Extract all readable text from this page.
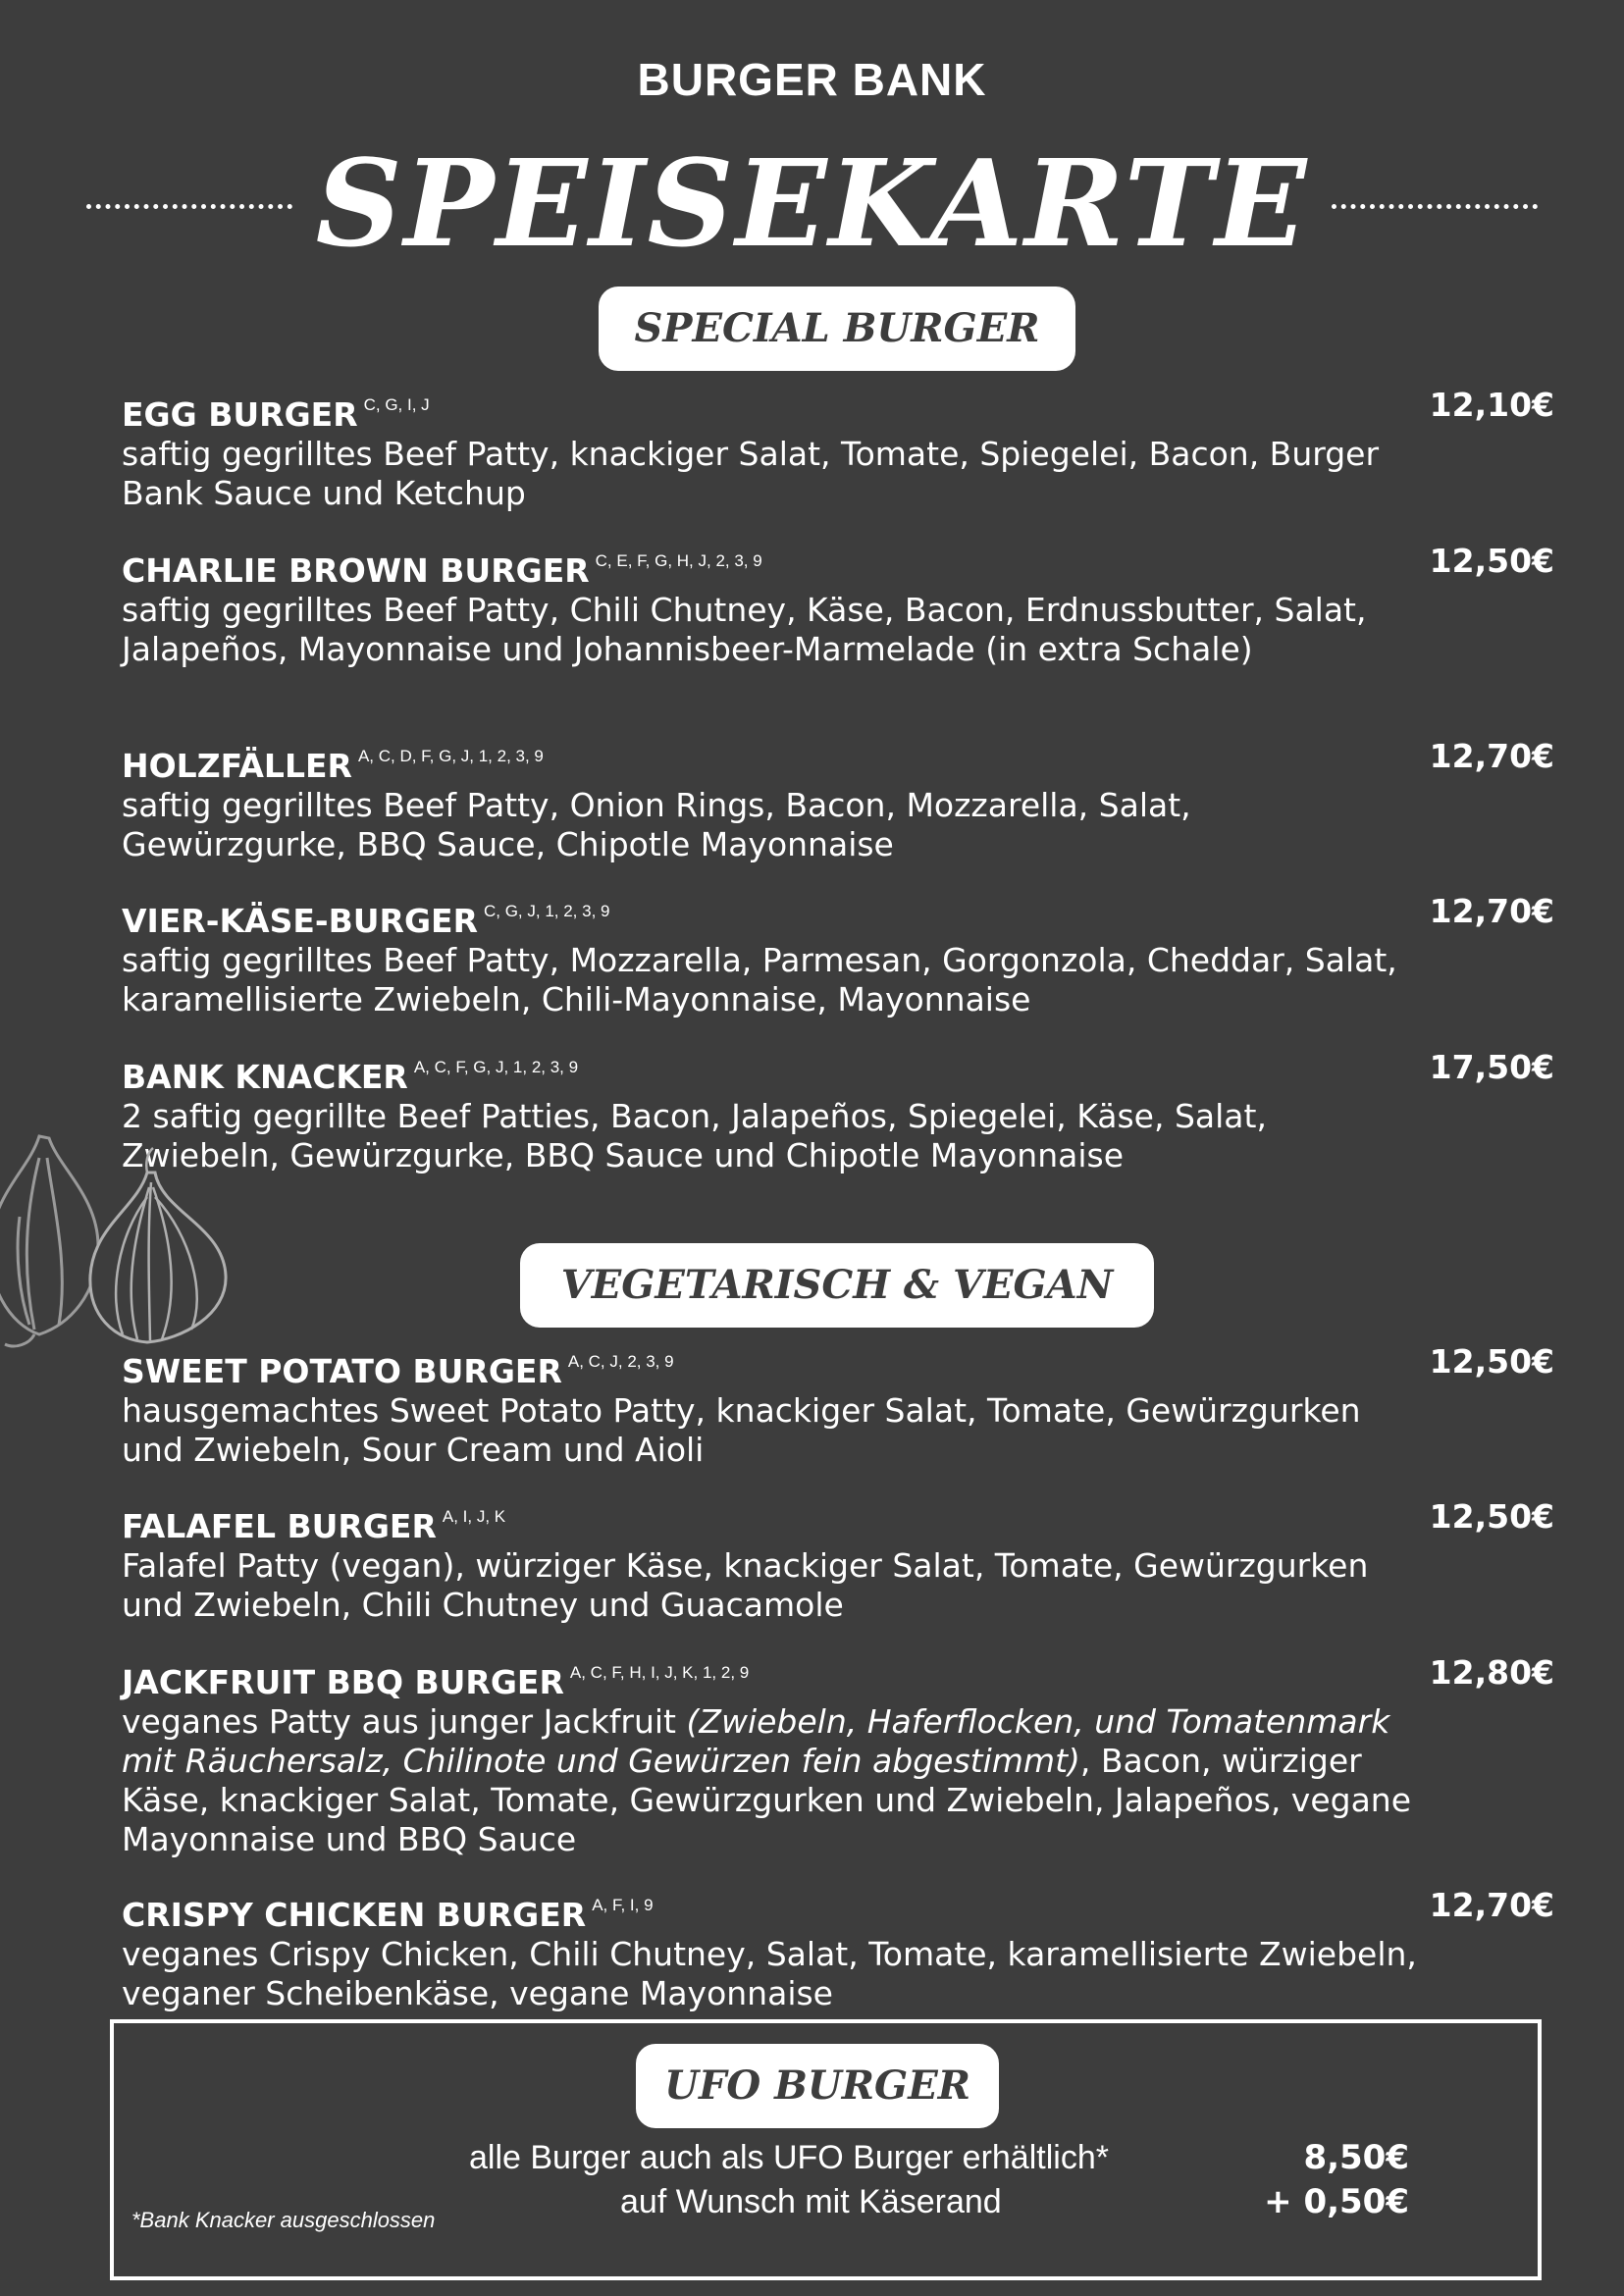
BURGER BANK
SPEISEKARTE
SPECIAL BURGER
EGG BURGER $^{C, G, I, J}$	12,10€
saftig gegrilltes Beef Patty, knackiger Salat, Tomate, Spiegelei, Bacon, Burger Bank Sauce und Ketchup
CHARLIE BROWN BURGER $^{C, E, F, G, H, J, 2, 3, 9}$	12,50€
saftig gegrilltes Beef Patty, Chili Chutney, Käse, Bacon, Erdnussbutter, Salat, Jalapeños, Mayonnaise und Johannisbeer-Marmelade (in extra Schale)
HOLZFÄLLER $^{A, C, D, F, G, J, 1, 2, 3, 9}$	12,70€
saftig gegrilltes Beef Patty, Onion Rings, Bacon, Mozzarella, Salat, Gewürzgurke, BBQ Sauce, Chipotle Mayonnaise
VIER-KÄSE-BURGER $^{C, G, J, 1, 2, 3, 9}$	12,70€
saftig gegrilltes Beef Patty, Mozzarella, Parmesan, Gorgonzola, Cheddar, Salat, karamellisierte Zwiebeln, Chili-Mayonnaise, Mayonnaise
BANK KNACKER $^{A, C, F, G, J, 1, 2, 3, 9}$	17,50€
2 saftig gegrillte Beef Patties, Bacon, Jalapeños, Spiegelei, Käse, Salat, Zwiebeln, Gewürzgurke, BBQ Sauce und Chipotle Mayonnaise
VEGETARISCH & VEGAN
SWEET POTATO BURGER $^{A, C, J, 2, 3, 9}$	12,50€
hausgemachtes Sweet Potato Patty, knackiger Salat, Tomate, Gewürzgurken und Zwiebeln, Sour Cream und Aioli
FALAFEL BURGER $^{A, I, J, K}$	12,50€
Falafel Patty (vegan), würziger Käse, knackiger Salat, Tomate, Gewürzgurken und Zwiebeln, Chili Chutney und Guacamole
JACKFRUIT BBQ BURGER $^{A, C, F, H, I, J, K, 1, 2, 9}$	12,80€
veganes Patty aus junger Jackfruit (Zwiebeln, Haferflocken, und Tomatenmark mit Räuchersalz, Chilinote und Gewürzen fein abgestimmt), Bacon, würziger Käse, knackiger Salat, Tomate, Gewürzgurken und Zwiebeln, Jalapeños, vegane Mayonnaise und BBQ Sauce
CRISPY CHICKEN BURGER $^{A, F, I, 9}$	12,70€
veganes Crispy Chicken, Chili Chutney, Salat, Tomate, karamellisierte Zwiebeln, veganer Scheibenkäse, vegane Mayonnaise
UFO BURGER
alle Burger auch als UFO Burger erhältlich*	8,50€
auf Wunsch mit Käserand	+ 0,50€
*Bank Knacker ausgeschlossen
